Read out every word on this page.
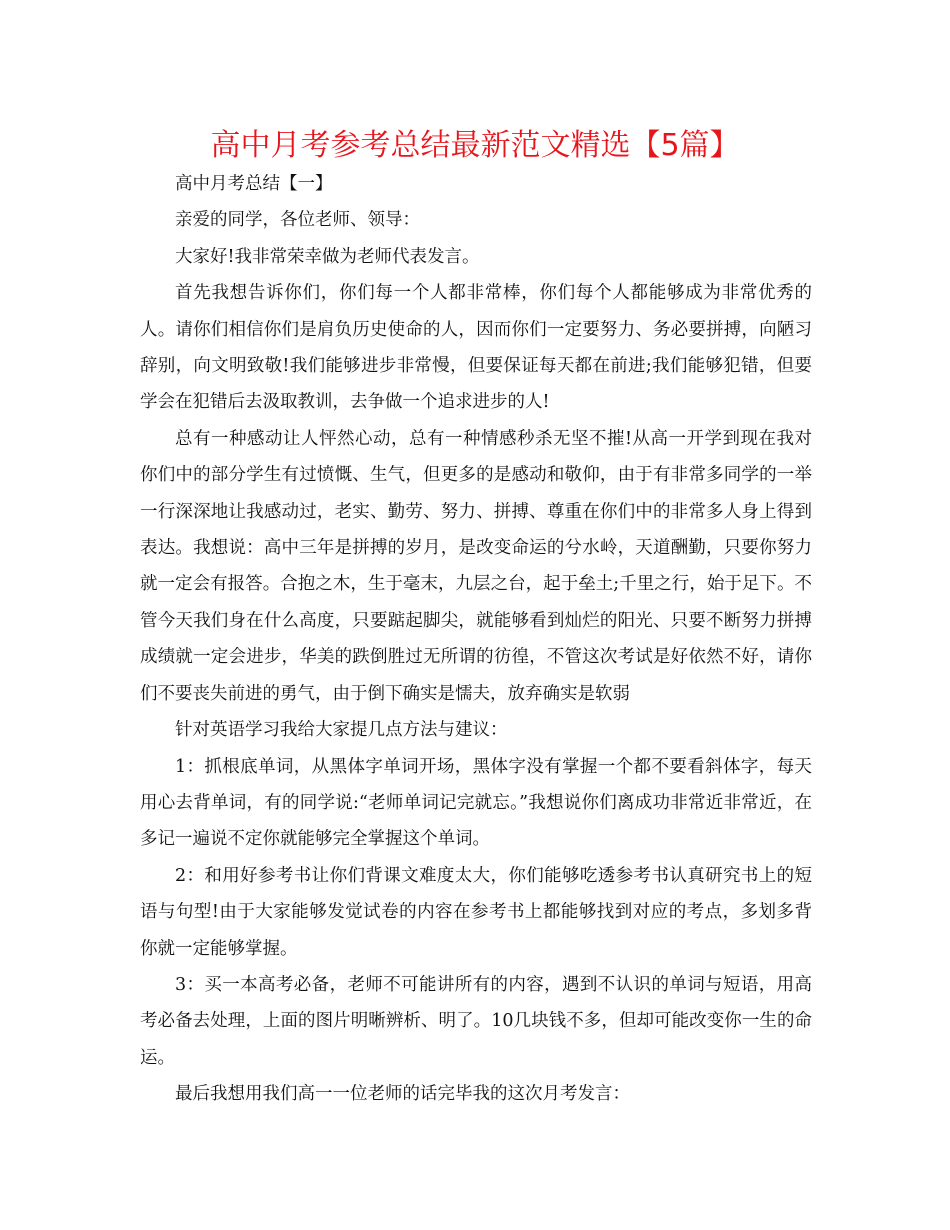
高中月考参考总结最新范文精选【5篇】

高中月考总结【一】

亲爱的同学，各位老师、领导：

大家好!我非常荣幸做为老师代表发言。

首先我想告诉你们，你们每一个人都非常棒，你们每个人都能够成为非常优秀的人。请你们相信你们是肩负历史使命的人，因而你们一定要努力、务必要拼搏，向陋习辞别，向文明致敬!我们能够进步非常慢，但要保证每天都在前进;我们能够犯错，但要学会在犯错后去汲取教训，去争做一个追求进步的人!

总有一种感动让人怦然心动，总有一种情感秒杀无坚不摧!从高一开学到现在我对你们中的部分学生有过愤慨、生气，但更多的是感动和敬仰，由于有非常多同学的一举一行深深地让我感动过，老实、勤劳、努力、拼搏、尊重在你们中的非常多人身上得到表达。我想说：高中三年是拼搏的岁月，是改变命运的兮水岭，天道酬勤，只要你努力就一定会有报答。合抱之木，生于毫末，九层之台，起于垒土;千里之行，始于足下。不管今天我们身在什么高度，只要踮起脚尖，就能够看到灿烂的阳光、只要不断努力拼搏成绩就一定会进步，华美的跌倒胜过无所谓的彷徨，不管这次考试是好依然不好，请你们不要丧失前进的勇气，由于倒下确实是懦夫，放弃确实是软弱

针对英语学习我给大家提几点方法与建议：

1：抓根底单词，从黑体字单词开场，黑体字没有掌握一个都不要看斜体字，每天用心去背单词，有的同学说:“老师单词记完就忘。”我想说你们离成功非常近非常近，在多记一遍说不定你就能够完全掌握这个单词。

2：和用好参考书让你们背课文难度太大，你们能够吃透参考书认真研究书上的短语与句型!由于大家能够发觉试卷的内容在参考书上都能够找到对应的考点，多划多背你就一定能够掌握。

3：买一本高考必备，老师不可能讲所有的内容，遇到不认识的单词与短语，用高考必备去处理，上面的图片明晰辨析、明了。10几块钱不多，但却可能改变你一生的命运。

最后我想用我们高一一位老师的话完毕我的这次月考发言：
